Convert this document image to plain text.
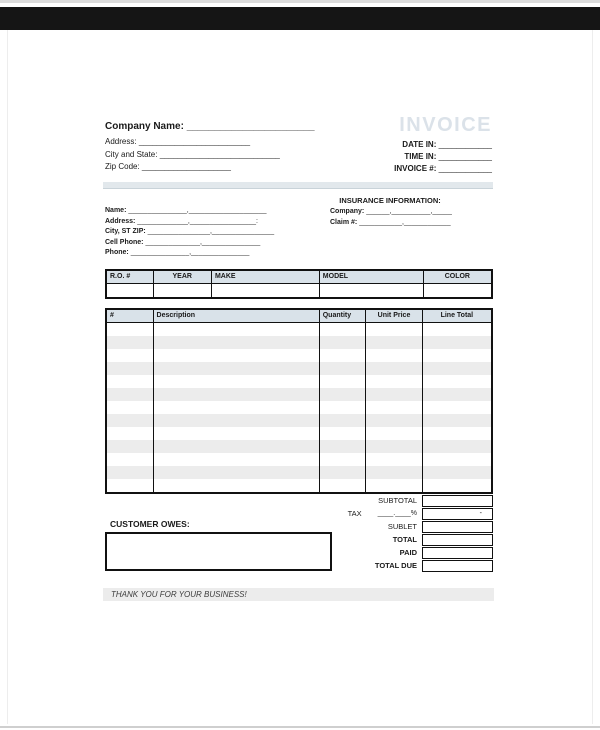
Company Name: _______________________
Address: _________________________
City and State: ___________________________
Zip Code: ____________________
INVOICE
DATE IN: ____________
TIME IN: ____________
INVOICE #: ____________
INSURANCE INFORMATION:
Name: _______________,____________________
Address: _____________,_________________:
City, ST ZIP: ________________,________________
Cell Phone: ______________,_______________
Phone: _______________,_______________
Company: ______,__________,_____
Claim #: ___________,____________
R.O. #	YEAR	MAKE	MODEL	COLOR
#	Description	Quantity	Unit Price	Line Total
SUBTOTAL
TAX ____.____%	-
SUBLET
TOTAL
PAID
TOTAL DUE
CUSTOMER OWES:
THANK YOU FOR YOUR BUSINESS!
